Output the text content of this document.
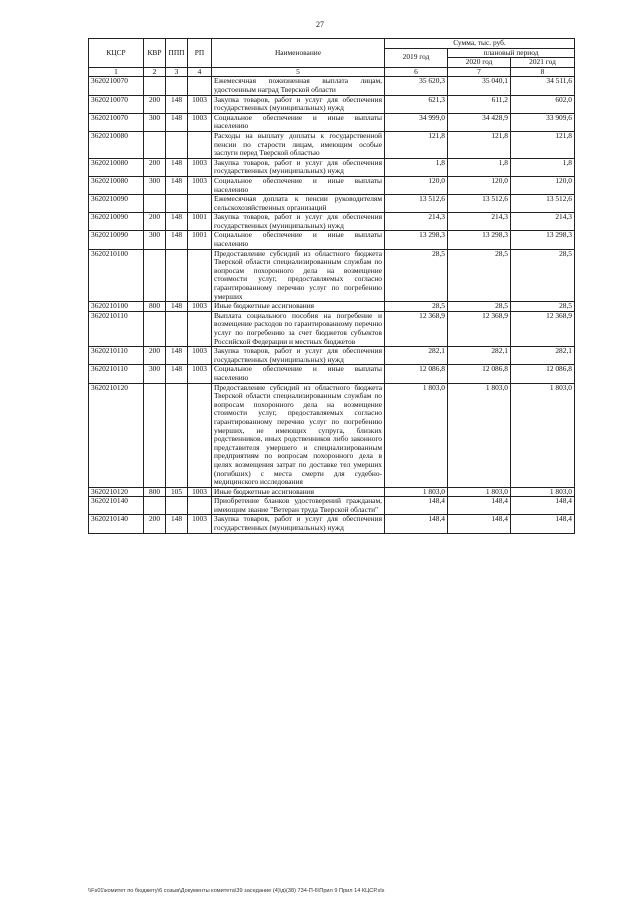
27
КЦСР	КВР	ППП	РП	Наименование	Сумма, тыс. руб.		
					2019 год	плановый период	
						2020 год	2021 год
1	2	3	4	5	6	7	8
3620210070				Ежемесячная пожизненная выплата лицам, удостоенным наград Тверской области	35 620,3	35 040,1	34 511,6
3620210070	200	148	1003	Закупка товаров, работ и услуг для обеспечения государственных (муниципальных) нужд	621,3	611,2	602,0
3620210070	300	148	1003	Социальное обеспечение и иные выплаты населению	34 999,0	34 428,9	33 909,6
3620210080				Расходы на выплату доплаты к государственной пенсии по старости лицам, имеющим особые заслуги перед Тверской областью	121,8	121,8	121,8
3620210080	200	148	1003	Закупка товаров, работ и услуг для обеспечения государственных (муниципальных) нужд	1,8	1,8	1,8
3620210080	300	148	1003	Социальное обеспечение и иные выплаты населению	120,0	120,0	120,0
3620210090				Ежемесячная доплата к пенсии руководителям сельскохозяйственных организаций	13 512,6	13 512,6	13 512,6
3620210090	200	148	1001	Закупка товаров, работ и услуг для обеспечения государственных (муниципальных) нужд	214,3	214,3	214,3
3620210090	300	148	1001	Социальное обеспечение и иные выплаты населению	13 298,3	13 298,3	13 298,3
3620210100				Предоставление субсидий из областного бюджета Тверской области специализированным службам по вопросам похоронного дела на возмещение стоимости услуг, предоставляемых согласно гарантированному перечню услуг по погребению умерших	28,5	28,5	28,5
3620210100	800	148	1003	Иные бюджетные ассигнования	28,5	28,5	28,5
3620210110				Выплата социального пособия на погребение и возмещение расходов по гарантированному перечню услуг по погребению за счет бюджетов субъектов Российской Федерации и местных бюджетов	12 368,9	12 368,9	12 368,9
3620210110	200	148	1003	Закупка товаров, работ и услуг для обеспечения государственных (муниципальных) нужд	282,1	282,1	282,1
3620210110	300	148	1003	Социальное обеспечение и иные выплаты населению	12 086,8	12 086,8	12 086,8
3620210120				Предоставление субсидий из областного бюджета Тверской области специализированным службам по вопросам похоронного дела на возмещение стоимости услуг, предоставляемых согласно гарантированному перечню услуг по погребению умерших, не имеющих супруга, близких родственников, иных родственников либо законного представителя умершего и специализированным предприятиям по вопросам похоронного дела в целях возмещения затрат по доставке тел умерших (погибших) с места смерти для судебно-медицинского исследования	1 803,0	1 803,0	1 803,0
3620210120	800	105	1003	Иные бюджетные ассигнования	1 803,0	1 803,0	1 803,0
3620210140				Приобретение бланков удостоверений гражданам, имеющим звание "Ветеран труда Тверской области"	148,4	148,4	148,4
3620210140	200	148	1003	Закупка товаров, работ и услуг для обеспечения государственных (муниципальных) нужд	148,4	148,4	148,4
\\Fs01\комитет по бюджету\6 созыв\Документы комитета\39 заседание (4)\д\(38) 734-П-6\Прил 9 Прил 14 КЦСР.xls
